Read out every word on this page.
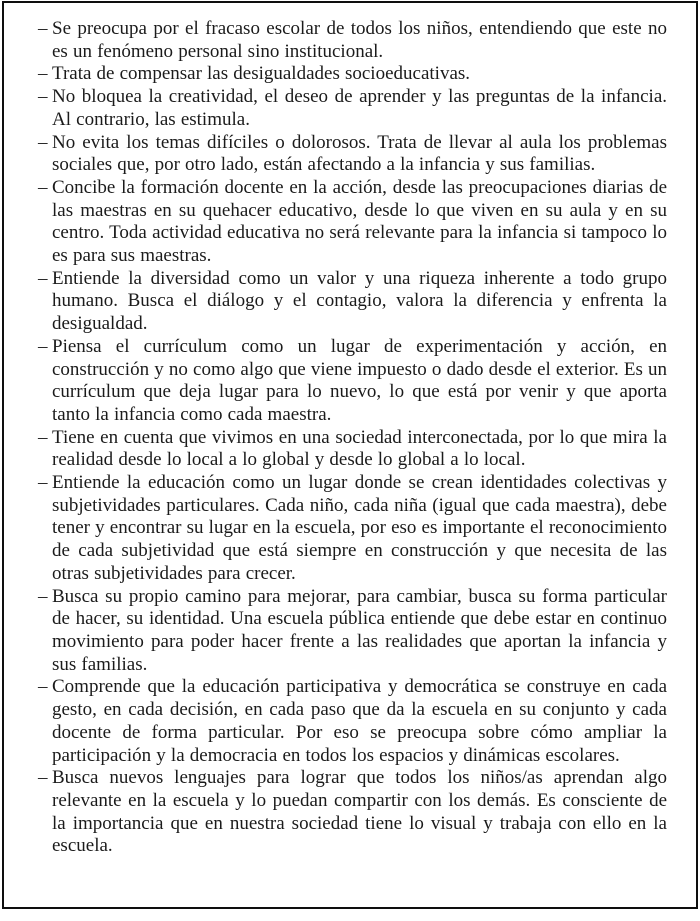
– Se preocupa por el fracaso escolar de todos los niños, entendiendo que este no es un fenómeno personal sino institucional.
– Trata de compensar las desigualdades socioeducativas.
– No bloquea la creatividad, el deseo de aprender y las preguntas de la infancia. Al contrario, las estimula.
– No evita los temas difíciles o dolorosos. Trata de llevar al aula los problemas sociales que, por otro lado, están afectando a la infancia y sus familias.
– Concibe la formación docente en la acción, desde las preocupaciones diarias de las maestras en su quehacer educativo, desde lo que viven en su aula y en su centro. Toda actividad educativa no será relevante para la infancia si tampoco lo es para sus maestras.
– Entiende la diversidad como un valor y una riqueza inherente a todo grupo humano. Busca el diálogo y el contagio, valora la diferencia y enfrenta la desigualdad.
– Piensa el currículum como un lugar de experimentación y acción, en construcción y no como algo que viene impuesto o dado desde el exterior. Es un currículum que deja lugar para lo nuevo, lo que está por venir y que aporta tanto la infancia como cada maestra.
– Tiene en cuenta que vivimos en una sociedad interconectada, por lo que mira la realidad desde lo local a lo global y desde lo global a lo local.
– Entiende la educación como un lugar donde se crean identidades colectivas y subjetividades particulares. Cada niño, cada niña (igual que cada maestra), debe tener y encontrar su lugar en la escuela, por eso es importante el reconocimiento de cada subjetividad que está siempre en construcción y que necesita de las otras subjetividades para crecer.
– Busca su propio camino para mejorar, para cambiar, busca su forma particular de hacer, su identidad. Una escuela pública entiende que debe estar en continuo movimiento para poder hacer frente a las realidades que aportan la infancia y sus familias.
– Comprende que la educación participativa y democrática se construye en cada gesto, en cada decisión, en cada paso que da la escuela en su conjunto y cada docente de forma particular. Por eso se preocupa sobre cómo ampliar la participación y la democracia en todos los espacios y dinámicas escolares.
– Busca nuevos lenguajes para lograr que todos los niños/as aprendan algo relevante en la escuela y lo puedan compartir con los demás. Es consciente de la importancia que en nuestra sociedad tiene lo visual y trabaja con ello en la escuela.
